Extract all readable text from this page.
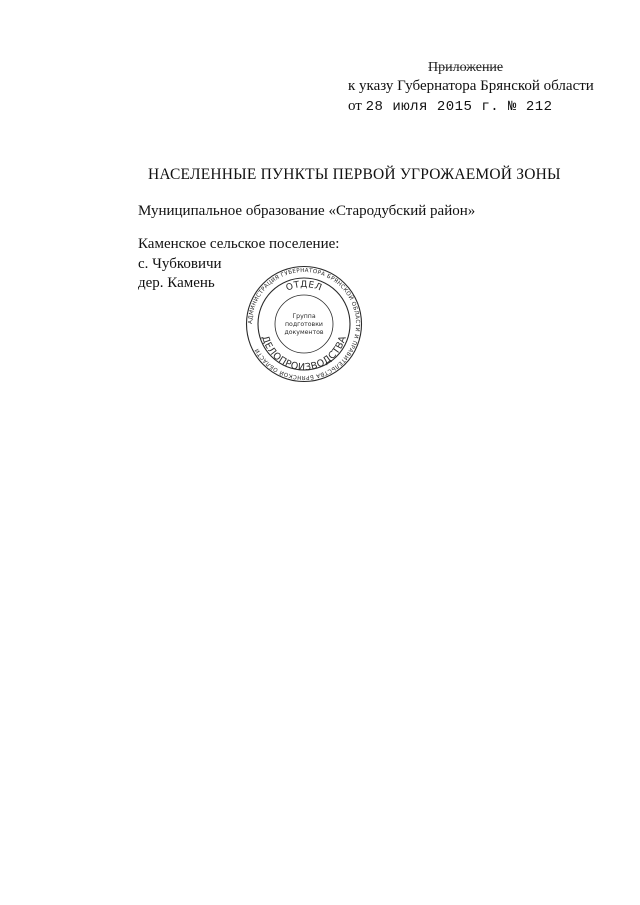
Приложение
к указу Губернатора Брянской области
от 28 июля 2015 г. № 212
НАСЕЛЕННЫЕ ПУНКТЫ ПЕРВОЙ УГРОЖАЕМОЙ ЗОНЫ
Муниципальное образование «Стародубский район»
Каменское сельское поселение:
с. Чубковичи
дер. Камень
АДМИНИСТРАЦИЯ ГУБЕРНАТОРА БРЯНСКОЙ ОБЛАСТИ И ПРАВИТЕЛЬСТВА БРЯНСКОЙ ОБЛАСТИ
ОТДЕЛ
ДЕЛОПРОИЗВОДСТВА
Группа
подготовки
документов
